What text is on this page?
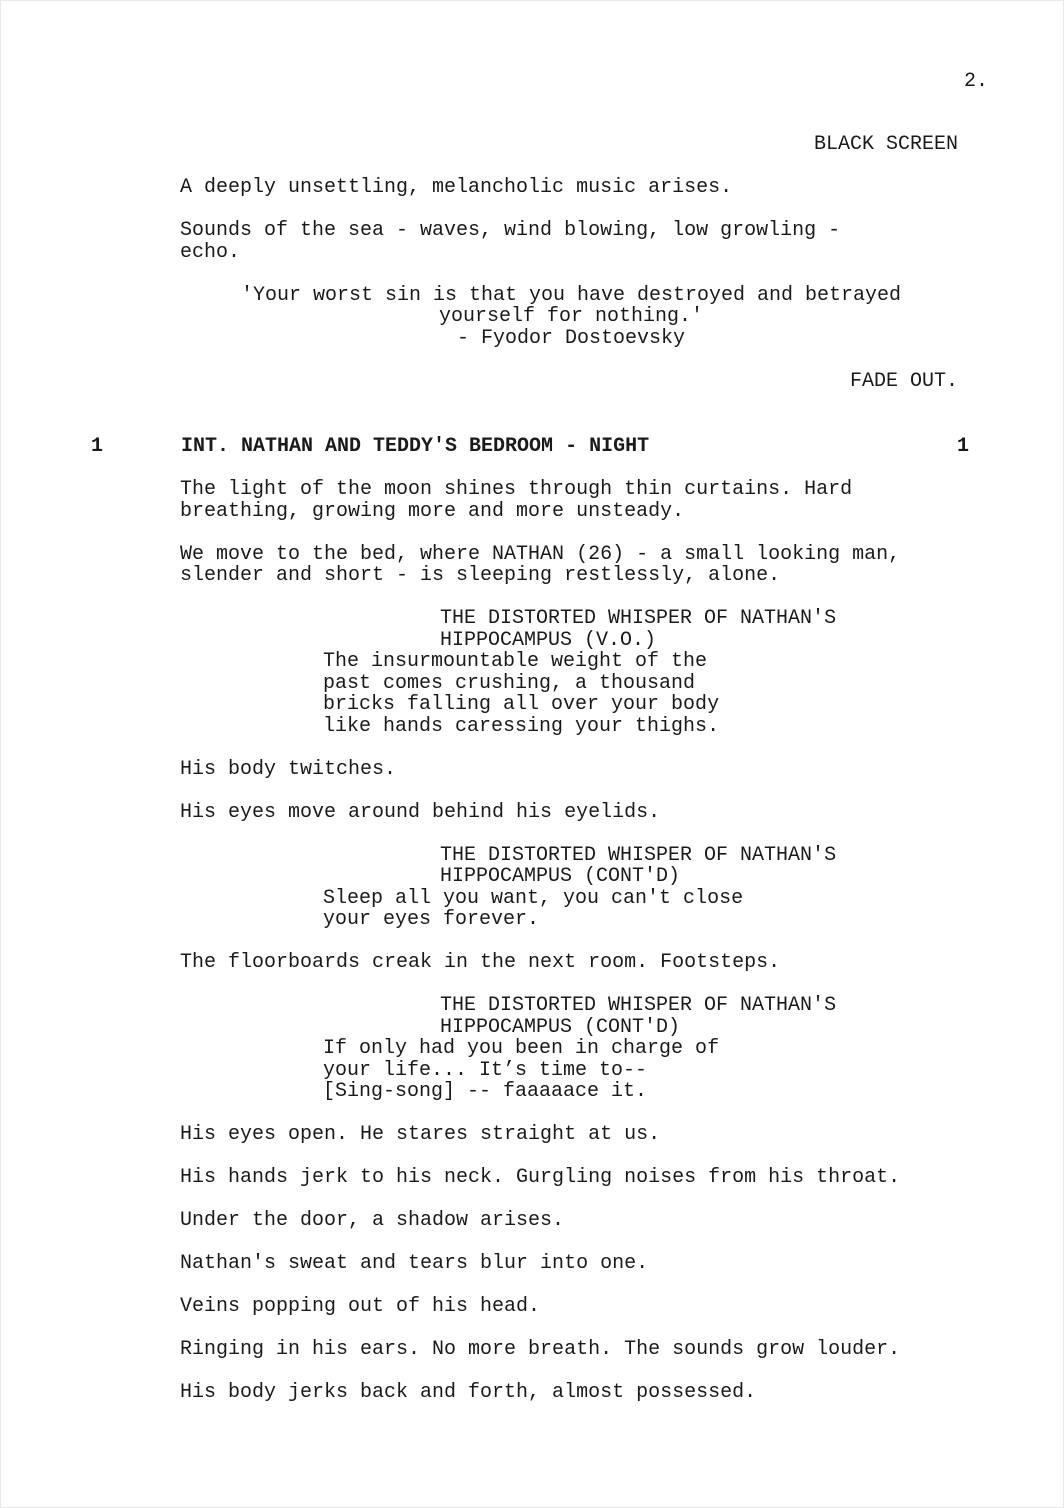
2.

BLACK SCREEN

A deeply unsettling, melancholic music arises.

Sounds of the sea - waves, wind blowing, low growling -

echo.

'Your worst sin is that you have destroyed and betrayed

yourself for nothing.'

- Fyodor Dostoevsky

FADE OUT.

1	INT. NATHAN AND TEDDY'S BEDROOM - NIGHT	1

The light of the moon shines through thin curtains. Hard

breathing, growing more and more unsteady.

We move to the bed, where NATHAN (26) - a small looking man,

slender and short - is sleeping restlessly, alone.

THE DISTORTED WHISPER OF NATHAN'S

HIPPOCAMPUS (V.O.)

The insurmountable weight of the

past comes crushing, a thousand

bricks falling all over your body

like hands caressing your thighs.

His body twitches.

His eyes move around behind his eyelids.

THE DISTORTED WHISPER OF NATHAN'S

HIPPOCAMPUS (CONT'D)

Sleep all you want, you can't close

your eyes forever.

The floorboards creak in the next room. Footsteps.

THE DISTORTED WHISPER OF NATHAN'S

HIPPOCAMPUS (CONT'D)

If only had you been in charge of

your life... It’s time to--

[Sing-song] -- faaaaace it.

His eyes open. He stares straight at us.

His hands jerk to his neck. Gurgling noises from his throat.

Under the door, a shadow arises.

Nathan's sweat and tears blur into one.

Veins popping out of his head.

Ringing in his ears. No more breath. The sounds grow louder.

His body jerks back and forth, almost possessed.
